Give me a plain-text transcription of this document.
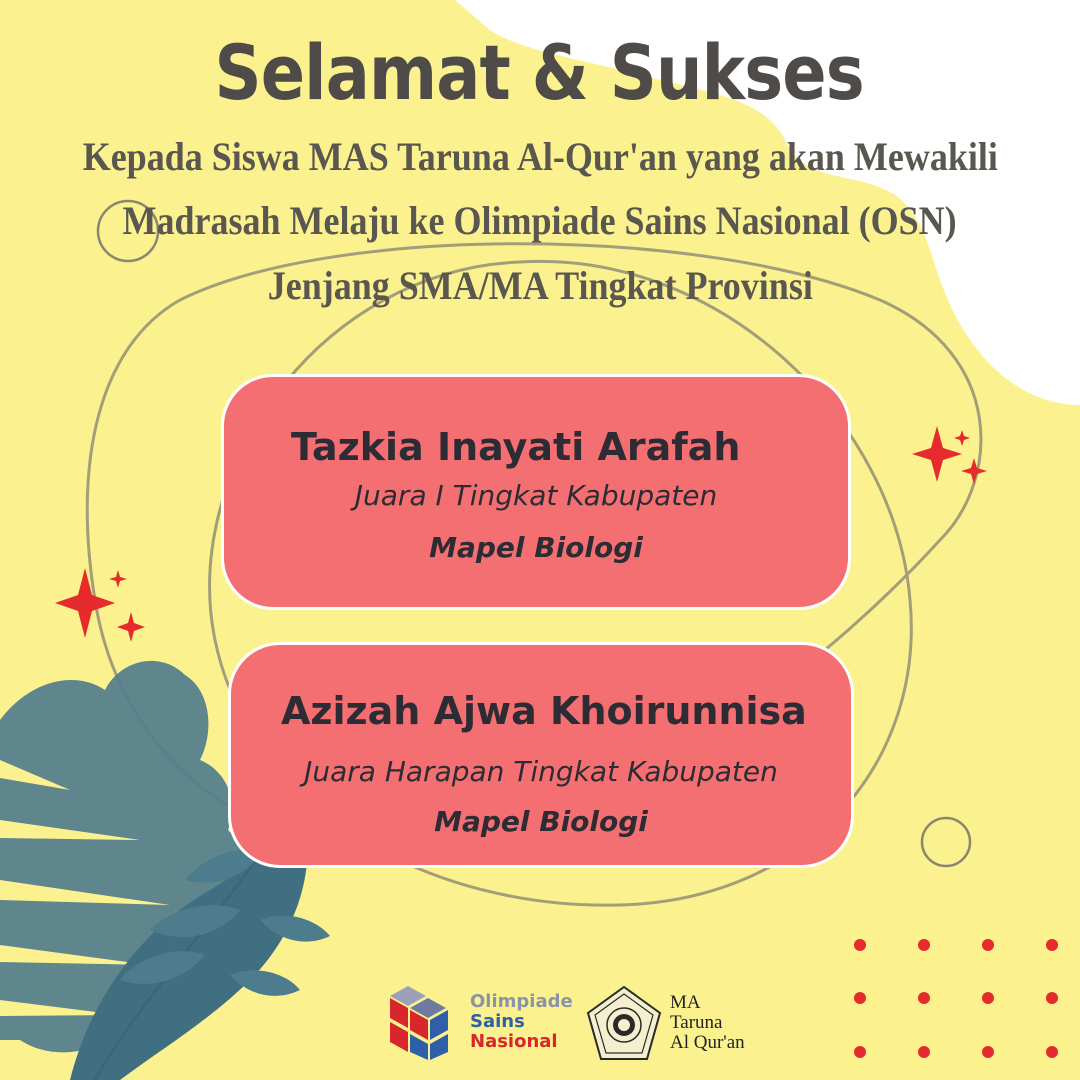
Selamat & Sukses
Kepada Siswa MAS Taruna Al-Qur'an yang akan Mewakili
Madrasah Melaju ke Olimpiade Sains Nasional (OSN)
Jenjang SMA/MA Tingkat Provinsi
Tazkia Inayati Arafah
Juara I Tingkat Kabupaten
Mapel Biologi
Azizah Ajwa Khoirunnisa
Juara Harapan Tingkat Kabupaten
Mapel Biologi
Olimpiade
Sains
Nasional
MA
Taruna
Al Qur'an
